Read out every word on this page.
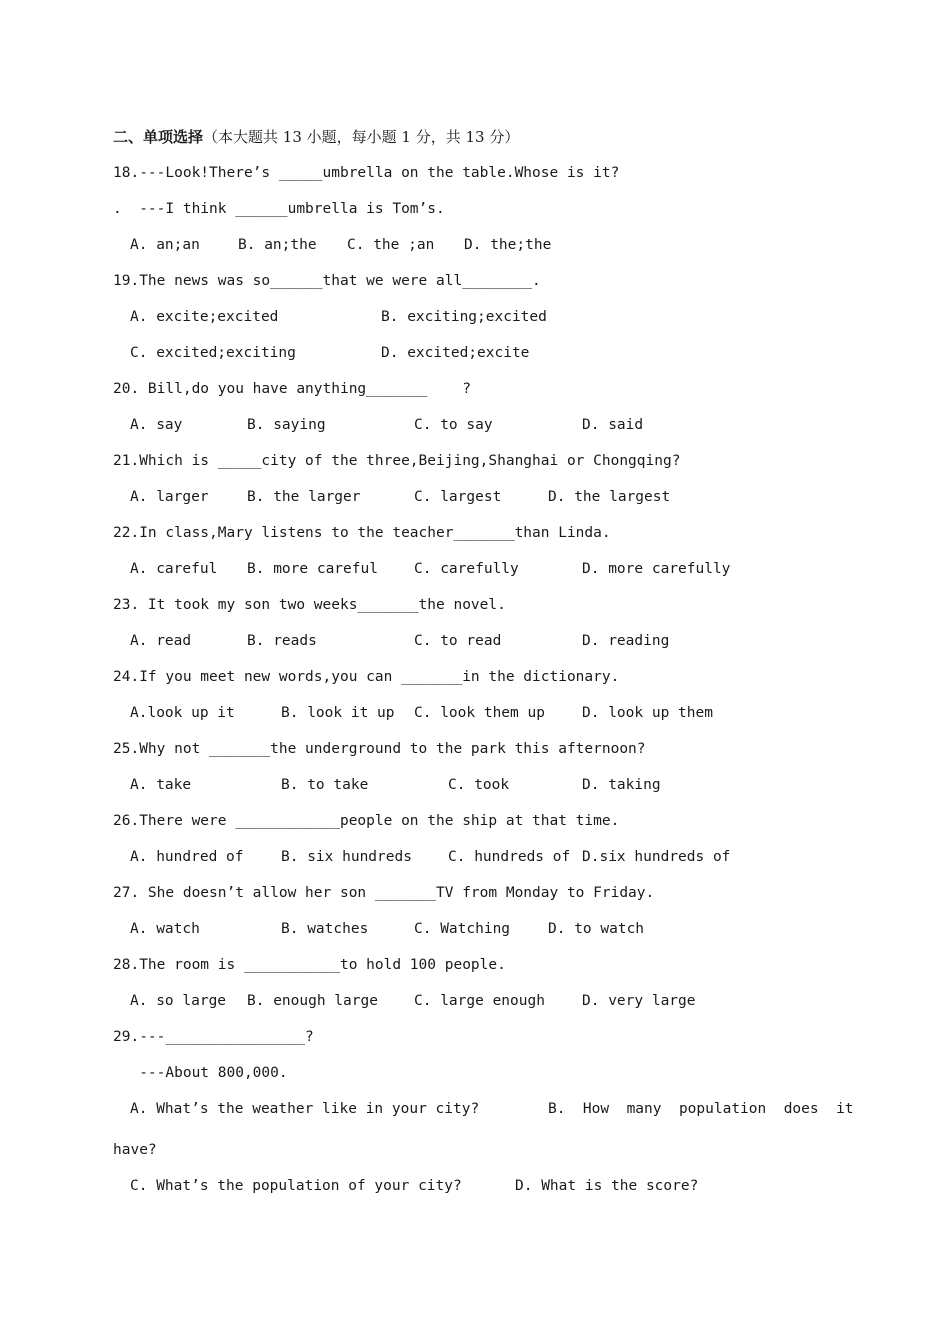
二、单项选择（本大题共 13 小题，每小题 1 分，共 13 分）
18.---Look!There’s _____umbrella on the table.Whose is it?
.  ---I think ______umbrella is Tom’s.
A. an;an	B. an;the C. the ;an D. the;the
19.The news was so______that we were all________.
A. excite;excited	B. exciting;excited
C. excited;exciting	D. excited;excite
20. Bill,do you have anything_______    ?
A. say	B. saying	C. to say	D. said
21.Which is _____city of the three,Beijing,Shanghai or Chongqing?
A. larger	B. the larger	C. largest	D. the largest
22.In class,Mary listens to the teacher_______than Linda.
A. careful B. more careful C. carefully	D. more carefully
23. It took my son two weeks_______the novel.
A. read	B. reads	C. to read	D. reading
24.If you meet new words,you can _______in the dictionary.
A.look up it	B. look it up C. look them up	D. look up them
25.Why not _______the underground to the park this afternoon?
A. take	B. to take	C. took	D. taking
26.There were ____________people on the ship at that time.
A. hundred of	B. six hundreds C. hundreds of D.six hundreds of
27. She doesn’t allow her son _______TV from Monday to Friday.
A. watch	B. watches	C. Watching	D. to watch
28.The room is ___________to hold 100 people.
A. so large B. enough large C. large enough	D. very large
29.---________________?
---About 800,000.
A. What’s the weather like in your city?	B.  How  many  population  does  it
have?
C. What’s the population of your city?	D. What is the score?
